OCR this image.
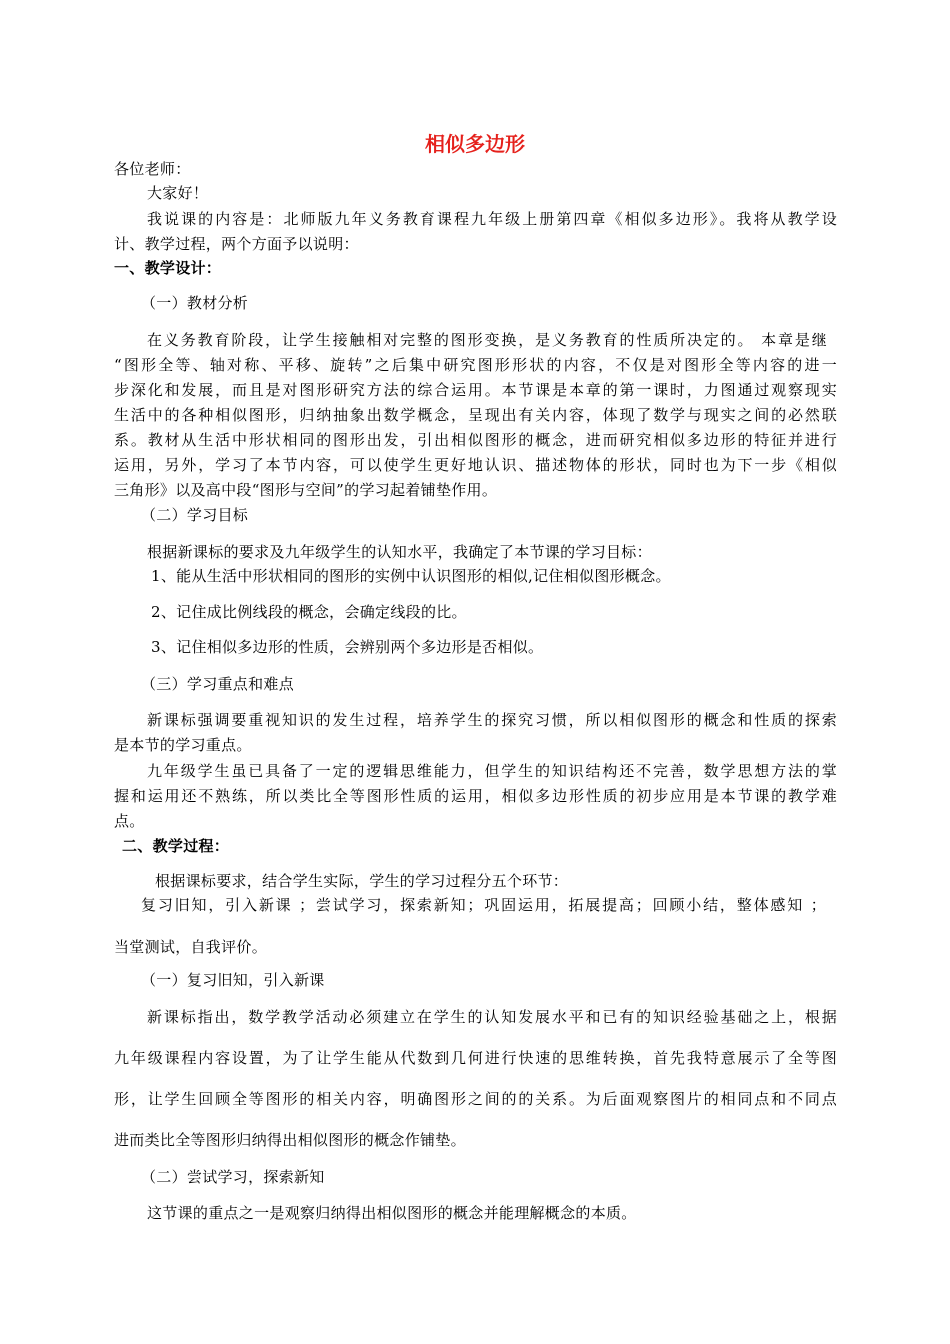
相似多边形
各位老师：
大家好！
我说课的内容是：北师版九年义务教育课程九年级上册第四章《相似多边形》。我将从教学设
计、教学过程，两个方面予以说明：
一、教学设计：
（一）教材分析
在义务教育阶段，让学生接触相对完整的图形变换，是义务教育的性质所决定的。 本章是继
“图形全等、轴对称、平移、旋转”之后集中研究图形形状的内容，不仅是对图形全等内容的进一
步深化和发展，而且是对图形研究方法的综合运用。本节课是本章的第一课时，力图通过观察现实
生活中的各种相似图形，归纳抽象出数学概念，呈现出有关内容，体现了数学与现实之间的必然联
系。教材从生活中形状相同的图形出发，引出相似图形的概念，进而研究相似多边形的特征并进行
运用，另外，学习了本节内容，可以使学生更好地认识、描述物体的形状，同时也为下一步《相似
三角形》以及高中段“图形与空间”的学习起着铺垫作用。
（二）学习目标
根据新课标的要求及九年级学生的认知水平，我确定了本节课的学习目标：
1、能从生活中形状相同的图形的实例中认识图形的相似,记住相似图形概念。
2、记住成比例线段的概念，会确定线段的比。
3、记住相似多边形的性质，会辨别两个多边形是否相似。
（三）学习重点和难点
新课标强调要重视知识的发生过程，培养学生的探究习惯，所以相似图形的概念和性质的探索
是本节的学习重点。
九年级学生虽已具备了一定的逻辑思维能力，但学生的知识结构还不完善，数学思想方法的掌
握和运用还不熟练，所以类比全等图形性质的运用，相似多边形性质的初步应用是本节课的教学难
点。
二、教学过程：
根据课标要求，结合学生实际，学生的学习过程分五个环节：
复习旧知，引入新课 ；尝试学习，探索新知；巩固运用，拓展提高；回顾小结，整体感知 ；
当堂测试，自我评价。
（一）复习旧知，引入新课
新课标指出，数学教学活动必须建立在学生的认知发展水平和已有的知识经验基础之上，根据
九年级课程内容设置，为了让学生能从代数到几何进行快速的思维转换，首先我特意展示了全等图
形，让学生回顾全等图形的相关内容，明确图形之间的的关系。为后面观察图片的相同点和不同点
进而类比全等图形归纳得出相似图形的概念作铺垫。
（二）尝试学习，探索新知
这节课的重点之一是观察归纳得出相似图形的概念并能理解概念的本质。
